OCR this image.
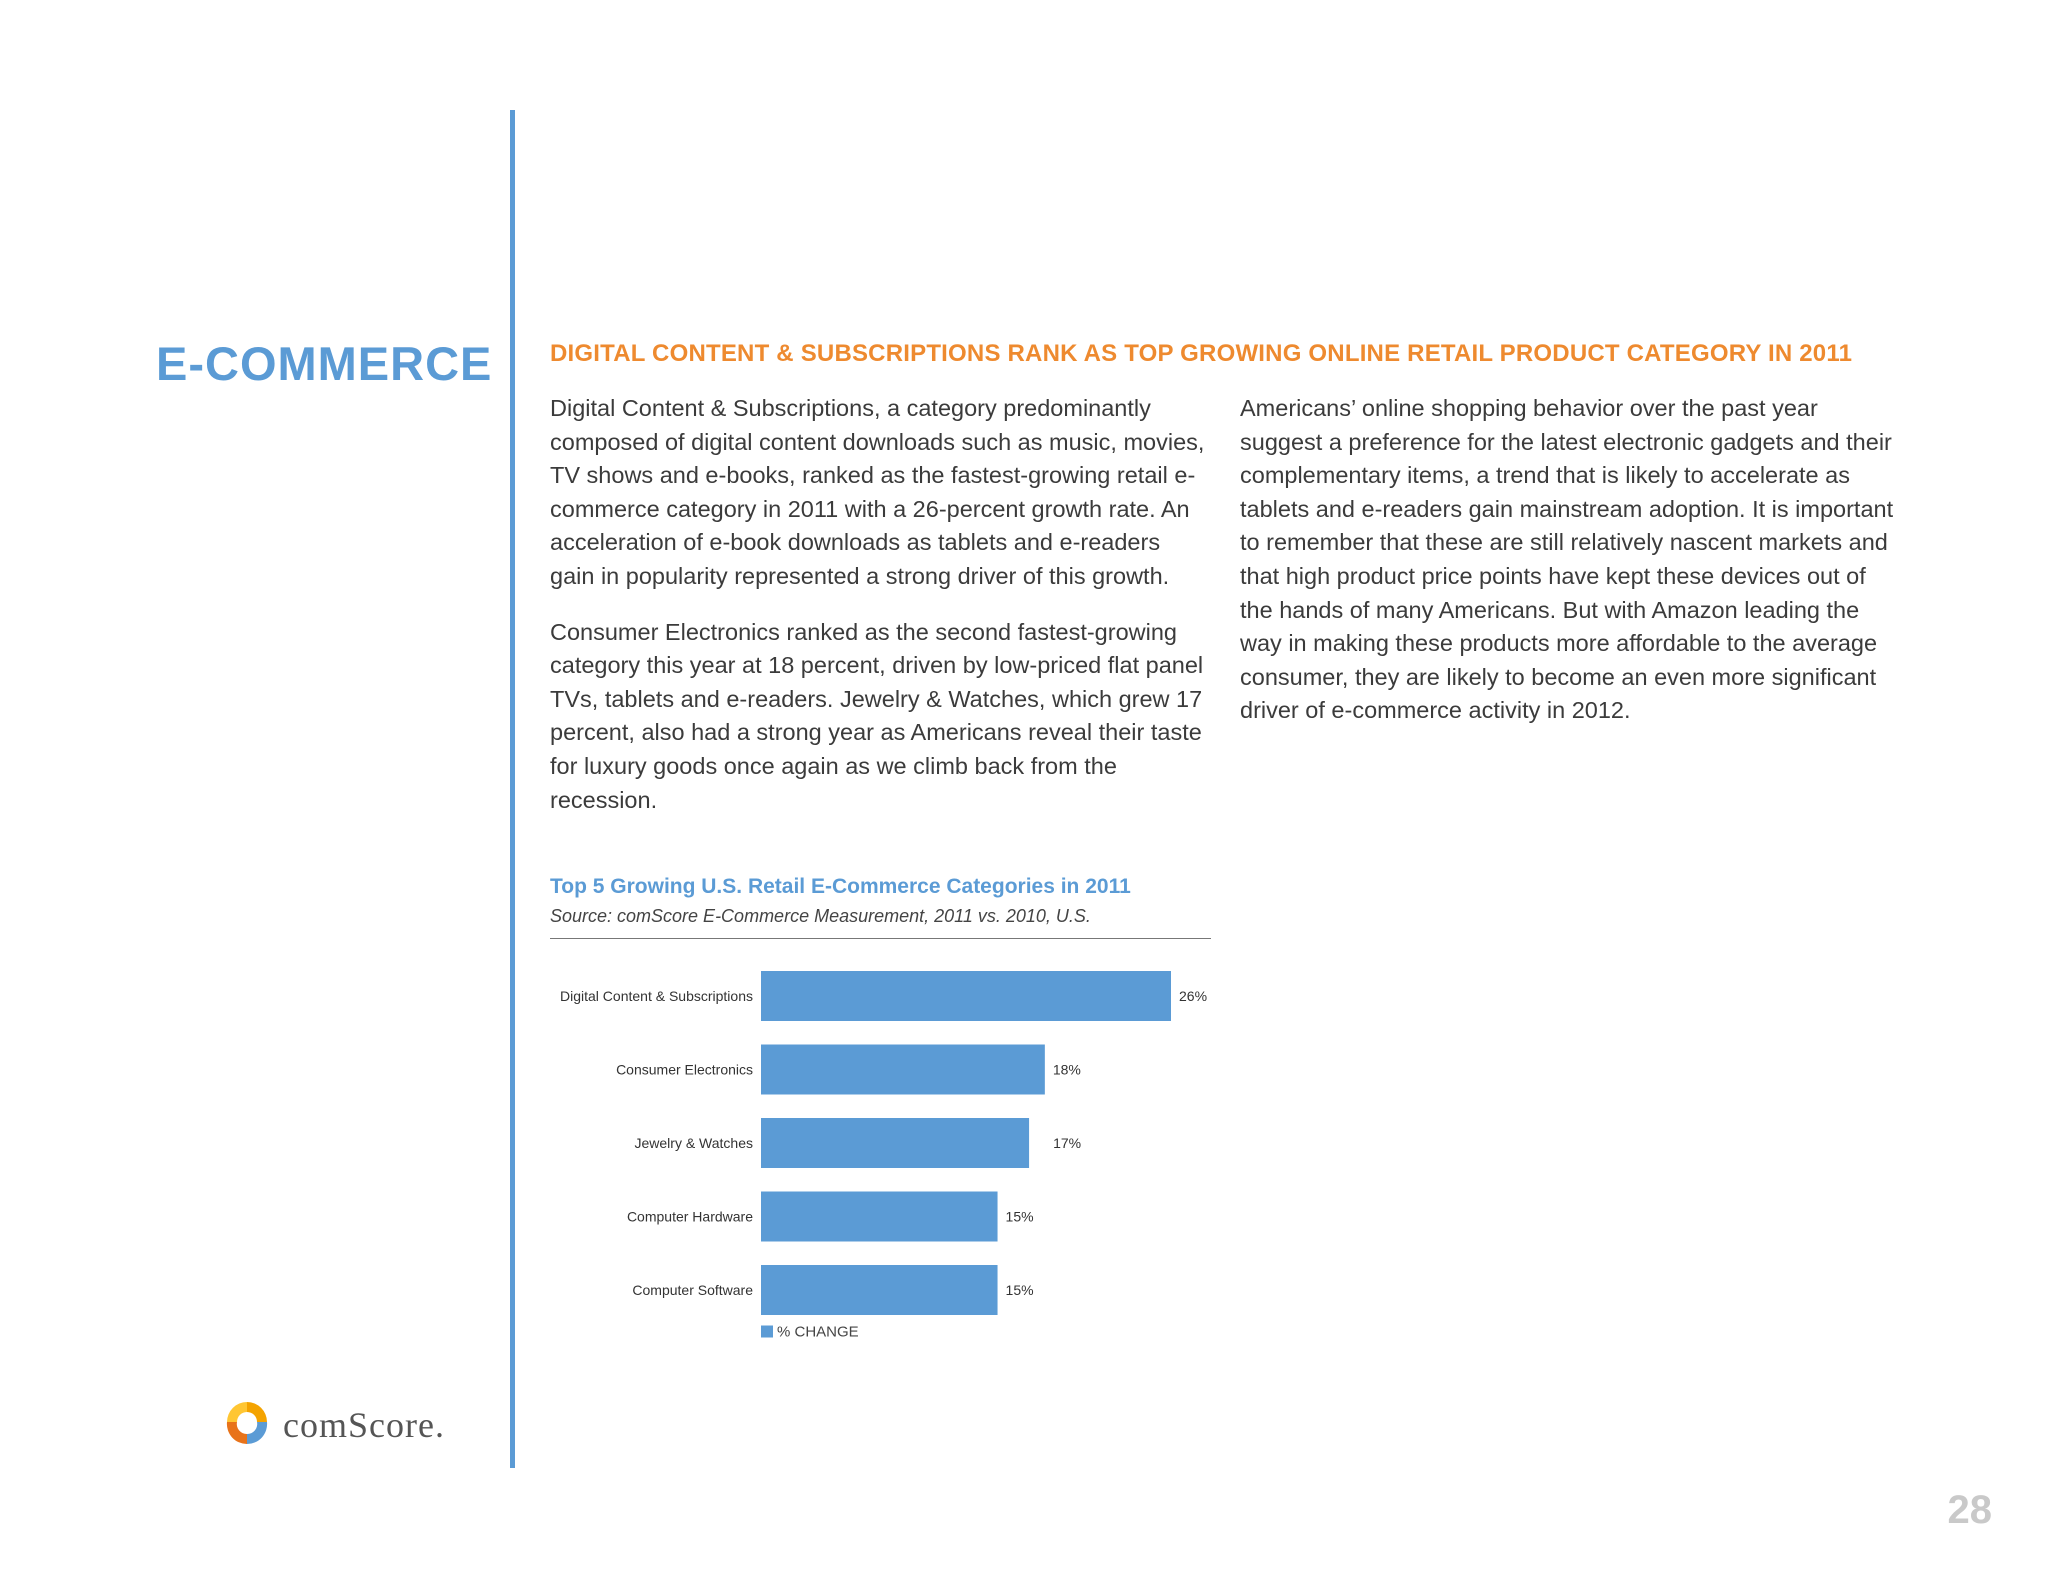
E-COMMERCE DIGITAL CONTENT & SUBSCRIPTIONS RANK AS TOP GROWING ONLINE RETAIL PRODUCT CATEGORY IN 2011

Digital Content & Subscriptions, a category predominantly composed of digital content downloads such as music, movies, TV shows and e-books, ranked as the fastest-growing retail e-commerce category in 2011 with a 26-percent growth rate. An acceleration of e-book downloads as tablets and e-readers gain in popularity represented a strong driver of this growth.

Consumer Electronics ranked as the second fastest-growing category this year at 18 percent, driven by low-priced flat panel TVs, tablets and e-readers. Jewelry & Watches, which grew 17 percent, also had a strong year as Americans reveal their taste for luxury goods once again as we climb back from the recession.

Americans’ online shopping behavior over the past year suggest a preference for the latest electronic gadgets and their complementary items, a trend that is likely to accelerate as tablets and e-readers gain mainstream adoption. It is important to remember that these are still relatively nascent markets and that high product price points have kept these devices out of the hands of many Americans. But with Amazon leading the way in making these products more affordable to the average consumer, they are likely to become an even more significant driver of e-commerce activity in 2012.

Top 5 Growing U.S. Retail E-Commerce Categories in 2011
Source: comScore E-Commerce Measurement, 2011 vs. 2010, U.S.
Digital Content & Subscriptions	26%
Consumer Electronics	18%
Jewelry & Watches	17%
Computer Hardware	15%
Computer Software	15%
% CHANGE
comScore.
28
